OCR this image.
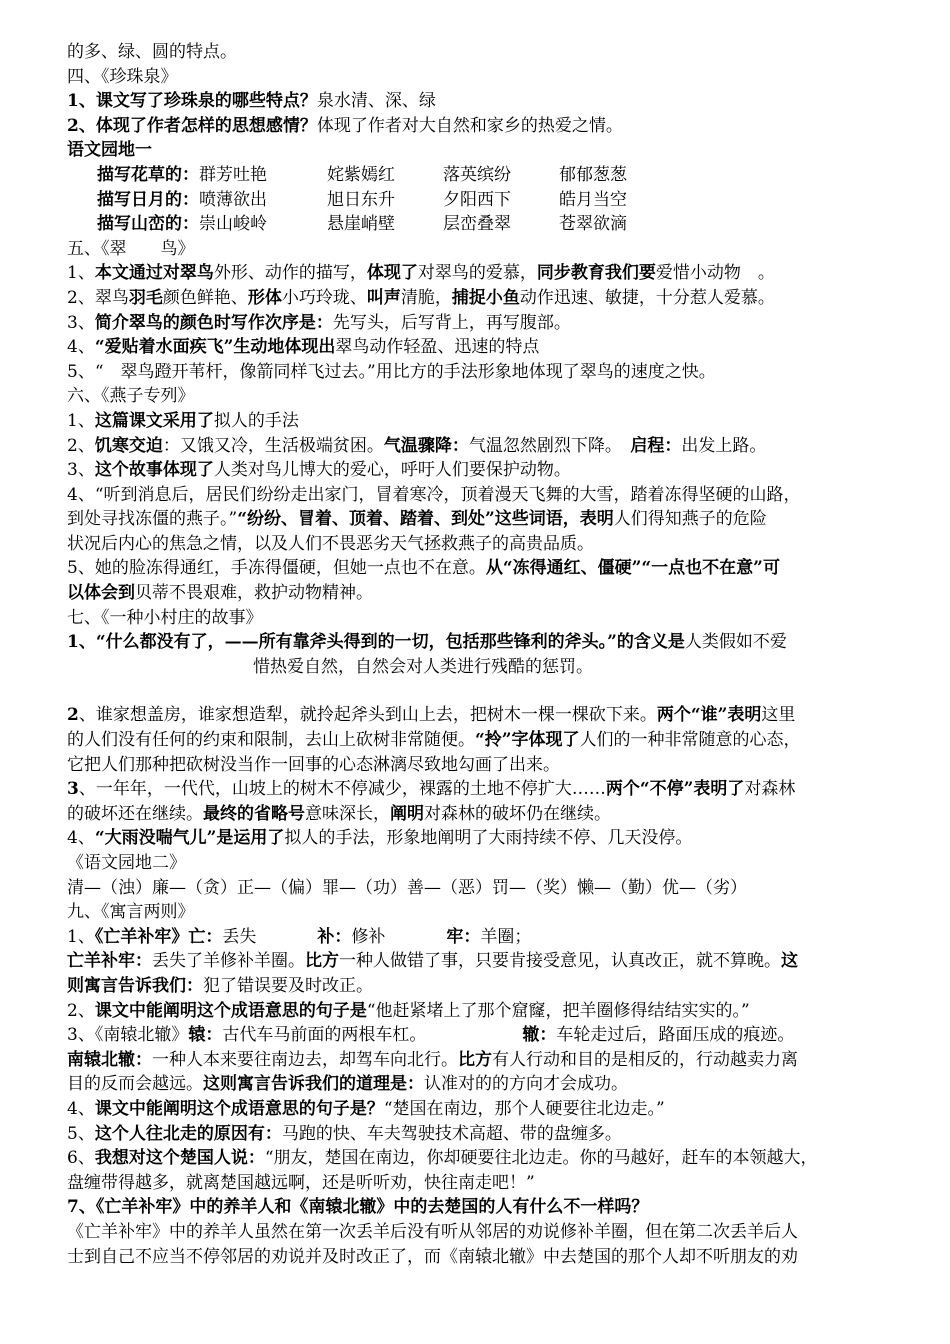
的多、绿、圆的特点。
四、《珍珠泉》
1、课文写了珍珠泉的哪些特点？泉水清、深、绿
2、体现了作者怎样的思想感情？体现了作者对大自然和家乡的热爱之情。
语文园地一
描写花草的：群芳吐艳	姹紫嫣红	落英缤纷	郁郁葱葱
描写日月的：喷薄欲出	旭日东升	夕阳西下	皓月当空
描写山峦的：崇山峻岭	悬崖峭壁	层峦叠翠	苍翠欲滴
五、《翠　　鸟》
1、本文通过对翠鸟外形、动作的描写，体现了对翠鸟的爱慕，同步教育我们要爱惜小动物　。
2、翠鸟羽毛颜色鲜艳、形体小巧玲珑、叫声清脆，捕捉小鱼动作迅速、敏捷，十分惹人爱慕。
3、简介翠鸟的颜色时写作次序是：先写头，后写背上，再写腹部。
4、“爱贴着水面疾飞”生动地体现出翠鸟动作轻盈、迅速的特点
5、“　翠鸟蹬开苇杆，像箭同样飞过去。”用比方的手法形象地体现了翠鸟的速度之快。
六、《燕子专列》
1、这篇课文采用了拟人的手法
2、饥寒交迫：又饿又冷，生活极端贫困。气温骤降：气温忽然剧烈下降。　启程：出发上路。
3、这个故事体现了人类对鸟儿博大的爱心，呼吁人们要保护动物。
4、“听到消息后，居民们纷纷走出家门，冒着寒冷，顶着漫天飞舞的大雪，踏着冻得坚硬的山路，
到处寻找冻僵的燕子。”“纷纷、冒着、顶着、踏着、到处”这些词语，表明人们得知燕子的危险
状况后内心的焦急之情，以及人们不畏恶劣天气拯救燕子的高贵品质。
5、她的脸冻得通红，手冻得僵硬，但她一点也不在意。从“冻得通红、僵硬”“一点也不在意”可
以体会到贝蒂不畏艰难，救护动物精神。
七、《一种小村庄的故事》
1、“什么都没有了，——所有靠斧头得到的一切，包括那些锋利的斧头。”的含义是人类假如不爱
惜热爱自然，自然会对人类进行残酷的惩罚。
2、谁家想盖房，谁家想造犁，就拎起斧头到山上去，把树木一棵一棵砍下来。两个“谁”表明这里
的人们没有任何的约束和限制，去山上砍树非常随便。“拎”字体现了人们的一种非常随意的心态，
它把人们那种把砍树没当作一回事的心态淋漓尽致地勾画了出来。
3、一年年，一代代，山坡上的树木不停减少，裸露的土地不停扩大……两个“不停”表明了对森林
的破坏还在继续。最终的省略号意味深长，阐明对森林的破坏仍在继续。
4、“大雨没喘气儿”是运用了拟人的手法，形象地阐明了大雨持续不停、几天没停。
《语文园地二》
清—（浊）廉—（贪）正—（偏）罪—（功）善—（恶）罚—（奖）懒—（勤）优—（劣）
九、《寓言两则》
1、《亡羊补牢》亡：丢失	补：修补	牢：羊圈；
亡羊补牢：丢失了羊修补羊圈。比方一种人做错了事，只要肯接受意见，认真改正，就不算晚。这
则寓言告诉我们：犯了错误要及时改正。
2、课文中能阐明这个成语意思的句子是“他赶紧堵上了那个窟窿，把羊圈修得结结实实的。”
3、《南辕北辙》辕：古代车马前面的两根车杠。	辙：车轮走过后，路面压成的痕迹。
南辕北辙：一种人本来要往南边去，却驾车向北行。比方有人行动和目的是相反的，行动越卖力离
目的反而会越远。这则寓言告诉我们的道理是：认准对的的方向才会成功。
4、课文中能阐明这个成语意思的句子是？“楚国在南边，那个人硬要往北边走。”
5、这个人往北走的原因有：马跑的快、车夫驾驶技术高超、带的盘缠多。
6、我想对这个楚国人说：“朋友，楚国在南边，你却硬要往北边走。你的马越好，赶车的本领越大，
盘缠带得越多，就离楚国越远啊，还是听听劝，快往南走吧！”
7、《亡羊补牢》中的养羊人和《南辕北辙》中的去楚国的人有什么不一样吗？
《亡羊补牢》中的养羊人虽然在第一次丢羊后没有听从邻居的劝说修补羊圈，但在第二次丢羊后人
士到自己不应当不停邻居的劝说并及时改正了，而《南辕北辙》中去楚国的那个人却不听朋友的劝
